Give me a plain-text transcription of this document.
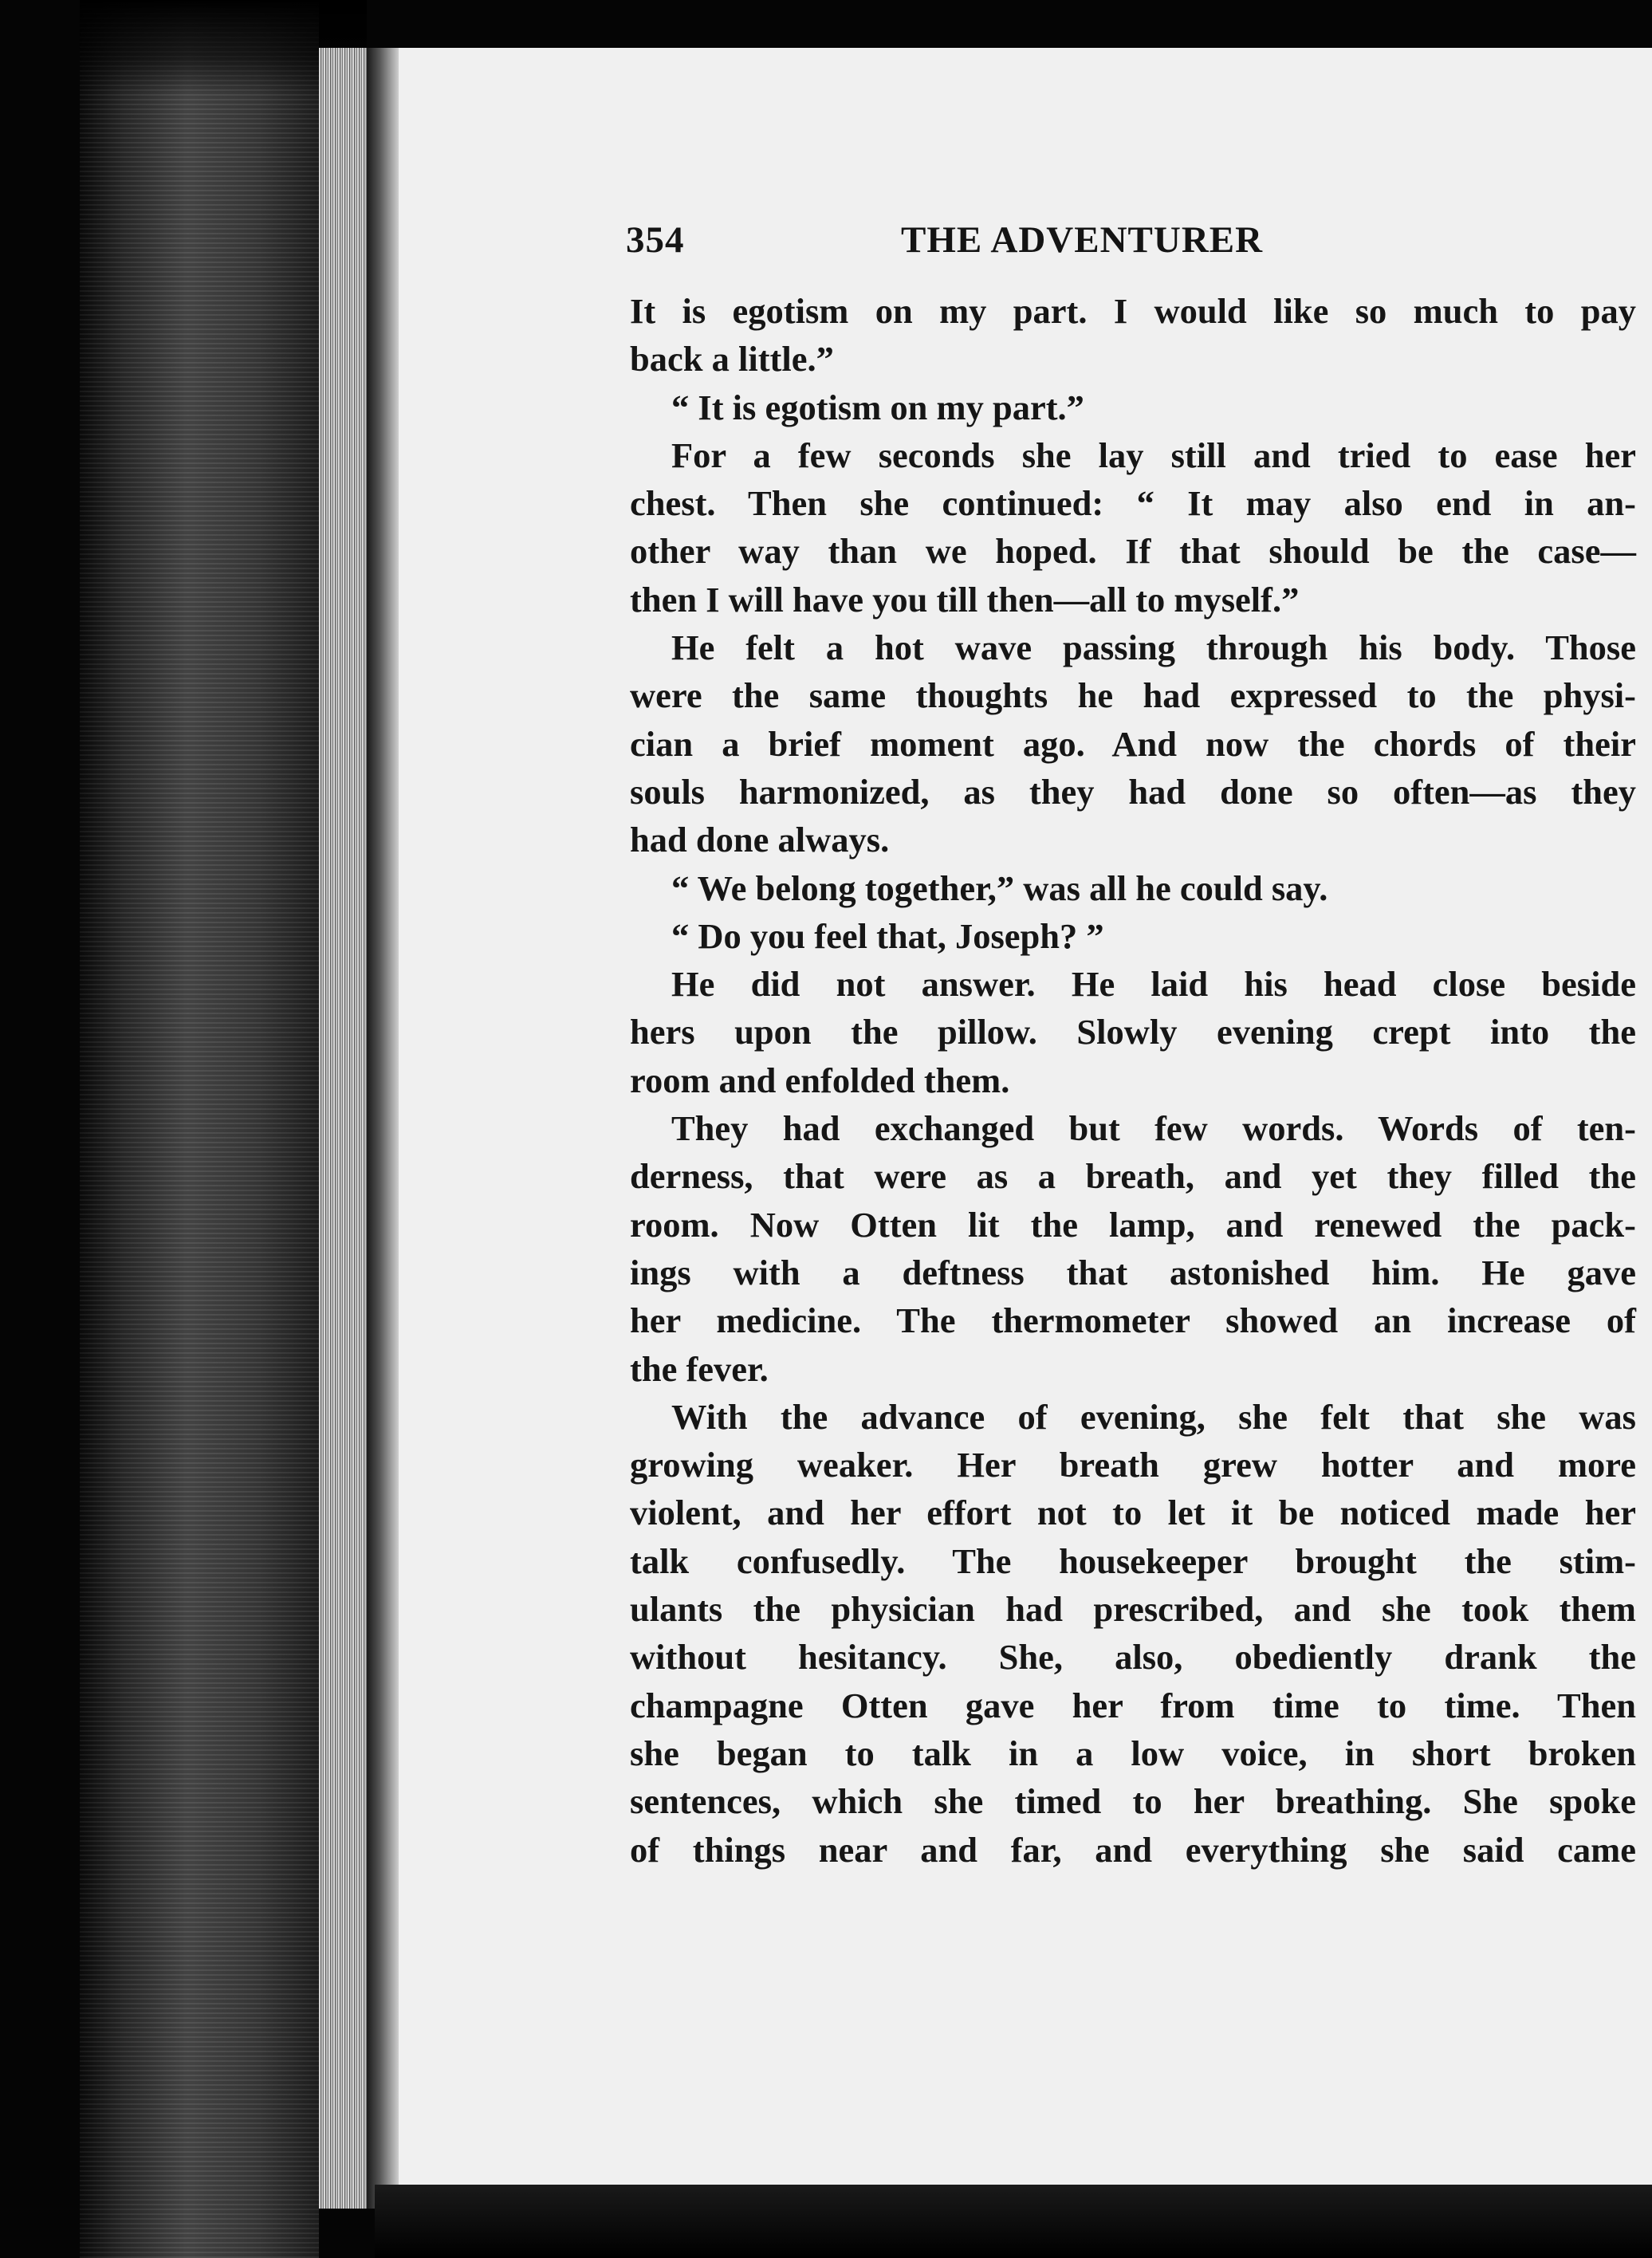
354	THE ADVENTURER
It is egotism on my part. I would like so much to pay
back a little.”
“ It is egotism on my part.”
For a few seconds she lay still and tried to ease her
chest. Then she continued: “ It may also end in an-
other way than we hoped. If that should be the case—
then I will have you till then—all to myself.”
He felt a hot wave passing through his body. Those
were the same thoughts he had expressed to the physi-
cian a brief moment ago. And now the chords of their
souls harmonized, as they had done so often—as they
had done always.
“ We belong together,” was all he could say.
“ Do you feel that, Joseph? ”
He did not answer. He laid his head close beside
hers upon the pillow. Slowly evening crept into the
room and enfolded them.
They had exchanged but few words. Words of ten-
derness, that were as a breath, and yet they filled the
room. Now Otten lit the lamp, and renewed the pack-
ings with a deftness that astonished him. He gave
her medicine. The thermometer showed an increase of
the fever.
With the advance of evening, she felt that she was
growing weaker. Her breath grew hotter and more
violent, and her effort not to let it be noticed made her
talk confusedly. The housekeeper brought the stim-
ulants the physician had prescribed, and she took them
without hesitancy. She, also, obediently drank the
champagne Otten gave her from time to time. Then
she began to talk in a low voice, in short broken
sentences, which she timed to her breathing. She spoke
of things near and far, and everything she said came
